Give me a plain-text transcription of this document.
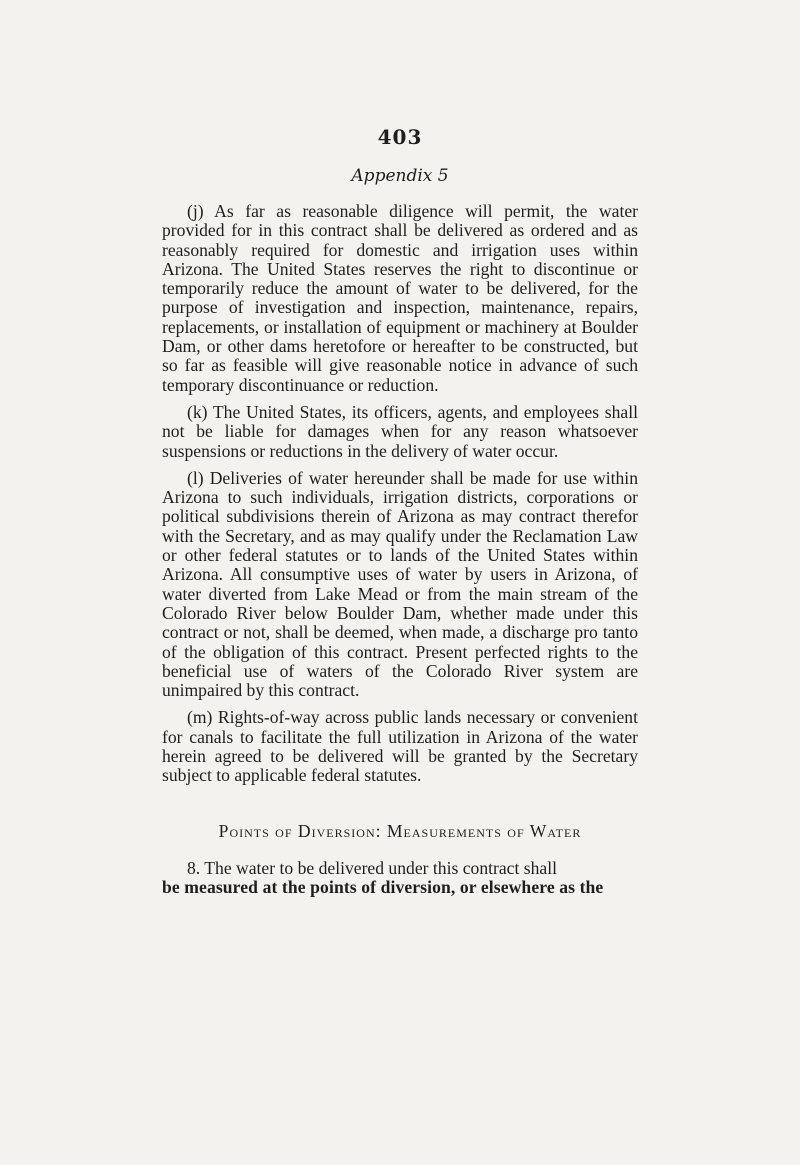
403
Appendix 5

(j) As far as reasonable diligence will permit, the water provided for in this contract shall be delivered as ordered and as reasonably required for domestic and irrigation uses within Arizona. The United States reserves the right to discontinue or temporarily reduce the amount of water to be delivered, for the purpose of investigation and inspection, maintenance, repairs, replacements, or installation of equipment or machinery at Boulder Dam, or other dams heretofore or hereafter to be constructed, but so far as feasible will give reasonable notice in advance of such temporary discontinuance or reduction.

(k) The United States, its officers, agents, and employees shall not be liable for damages when for any reason whatsoever suspensions or reductions in the delivery of water occur.

(l) Deliveries of water hereunder shall be made for use within Arizona to such individuals, irrigation districts, corporations or political subdivisions therein of Arizona as may contract therefor with the Secretary, and as may qualify under the Reclamation Law or other federal statutes or to lands of the United States within Arizona. All consumptive uses of water by users in Arizona, of water diverted from Lake Mead or from the main stream of the Colorado River below Boulder Dam, whether made under this contract or not, shall be deemed, when made, a discharge pro tanto of the obligation of this contract. Present perfected rights to the beneficial use of waters of the Colorado River system are unimpaired by this contract.

(m) Rights-of-way across public lands necessary or convenient for canals to facilitate the full utilization in Arizona of the water herein agreed to be delivered will be granted by the Secretary subject to applicable federal statutes.

Points of Diversion: Measurements of Water

8. The water to be delivered under this contract shall
be measured at the points of diversion, or elsewhere as the
